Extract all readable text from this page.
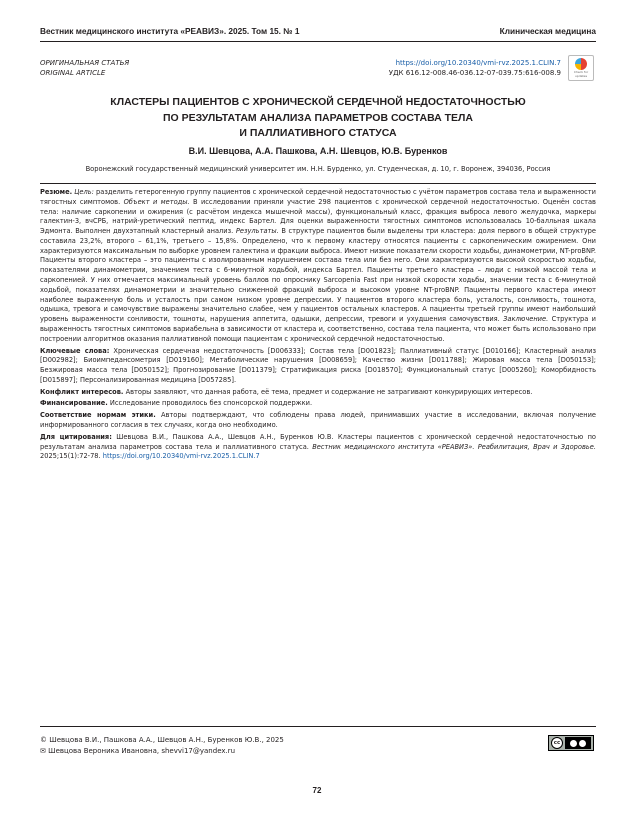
Вестник медицинского института «РЕАВИЗ». 2025. Том 15. № 1	Клиническая медицина
ОРИГИНАЛЬНАЯ СТАТЬЯ
ORIGINAL ARTICLE
https://doi.org/10.20340/vmi-rvz.2025.1.CLIN.7
УДК 616.12-008.46-036.12-07-039.75:616-008.9	Check for updates
КЛАСТЕРЫ ПАЦИЕНТОВ С ХРОНИЧЕСКОЙ СЕРДЕЧНОЙ НЕДОСТАТОЧНОСТЬЮ
ПО РЕЗУЛЬТАТАМ АНАЛИЗА ПАРАМЕТРОВ СОСТАВА ТЕЛА
И ПАЛЛИАТИВНОГО СТАТУСА
В.И. Шевцова, А.А. Пашкова, А.Н. Шевцов, Ю.В. Буренков
Воронежский государственный медицинский университет им. Н.Н. Бурденко, ул. Студенческая, д. 10, г. Воронеж, 394036, Россия

Резюме. Цель: разделить гетерогенную группу пациентов с хронической сердечной недостаточностью с учётом параметров состава тела и выраженности тягостных симптомов. Объект и методы. В исследовании приняли участие 298 пациентов с хронической сердечной недостаточностью. Оценён состав тела: наличие саркопении и ожирения (с расчётом индекса мышечной массы), функциональный класс, фракция выброса левого желудочка, маркеры галектин-3, вчСРБ, натрий-уретический пептид, индекс Бартел. Для оценки выраженности тягостных симптомов использовалась 10-балльная шкала Эдмонта. Выполнен двухэтапный кластерный анализ. Результаты. В структуре пациентов были выделены три кластера: доля первого в общей структуре составила 23,2%, второго – 61,1%, третьего – 15,8%. Определено, что к первому кластеру относятся пациенты с саркопеническим ожирением. Они характеризуются максимальным по выборке уровнем галектина и фракции выброса. Имеют низкие показатели скорости ходьбы, динамометрии, NT-proBNP. Пациенты второго кластера – это пациенты с изолированным нарушением состава тела или без него. Они характеризуются высокой скоростью ходьбы, показателями динамометрии, значением теста с 6-минутной ходьбой, индекса Бартел. Пациенты третьего кластера – люди с низкой массой тела и саркопенией. У них отмечается максимальный уровень баллов по опроснику Sarcopenia Fast при низкой скорости ходьбы, значении теста с 6-минутной ходьбой, показателях динамометрии и значительно сниженной фракций выброса и высоком уровне NT-proBNP. Пациенты первого кластера имеют наиболее выраженную боль и усталость при самом низком уровне депрессии. У пациентов второго кластера боль, усталость, сонливость, тошнота, одышка, тревога и самочувствие выражены значительно слабее, чем у пациентов остальных кластеров. А пациенты третьей группы имеют наибольший уровень выраженности сонливости, тошноты, нарушения аппетита, одышки, депрессии, тревоги и ухудшения самочувствия. Заключение. Структура и выраженность тягостных симптомов вариабельна в зависимости от кластера и, соответственно, состава тела пациента, что может быть использовано при построении алгоритмов оказания паллиативной помощи пациентам с хронической сердечной недостаточностью.

Ключевые слова: Хроническая сердечная недостаточность [D006333]; Состав тела [D001823]; Паллиативный статус [D010166]; Кластерный анализ [D002982]; Биоимпедансометрия [D019160]; Метаболические нарушения [D008659]; Качество жизни [D011788]; Жировая масса тела [D050153]; Безжировая масса тела [D050152]; Прогнозирование [D011379]; Стратификация риска [D018570]; Функциональный статус [D005260]; Коморбидность [D015897]; Персонализированная медицина [D057285].

Конфликт интересов. Авторы заявляют, что данная работа, её тема, предмет и содержание не затрагивают конкурирующих интересов.

Финансирование. Исследование проводилось без спонсорской поддержки.

Соответствие нормам этики. Авторы подтверждают, что соблюдены права людей, принимавших участие в исследовании, включая получение информированного согласия в тех случаях, когда оно необходимо.

Для цитирования: Шевцова В.И., Пашкова А.А., Шевцов А.Н., Буренков Ю.В. Кластеры пациентов с хронической сердечной недостаточностью по результатам анализа параметров состава тела и паллиативного статуса. Вестник медицинского института «РЕАВИЗ». Реабилитация, Врач и Здоровье. 2025;15(1):72-78. https://doi.org/10.20340/vmi-rvz.2025.1.CLIN.7

© Шевцова В.И., Пашкова А.А., Шевцов А.Н., Буренков Ю.В., 2025
✉ Шевцова Вероника Ивановна, shevvi17@yandex.ru
cc
72
